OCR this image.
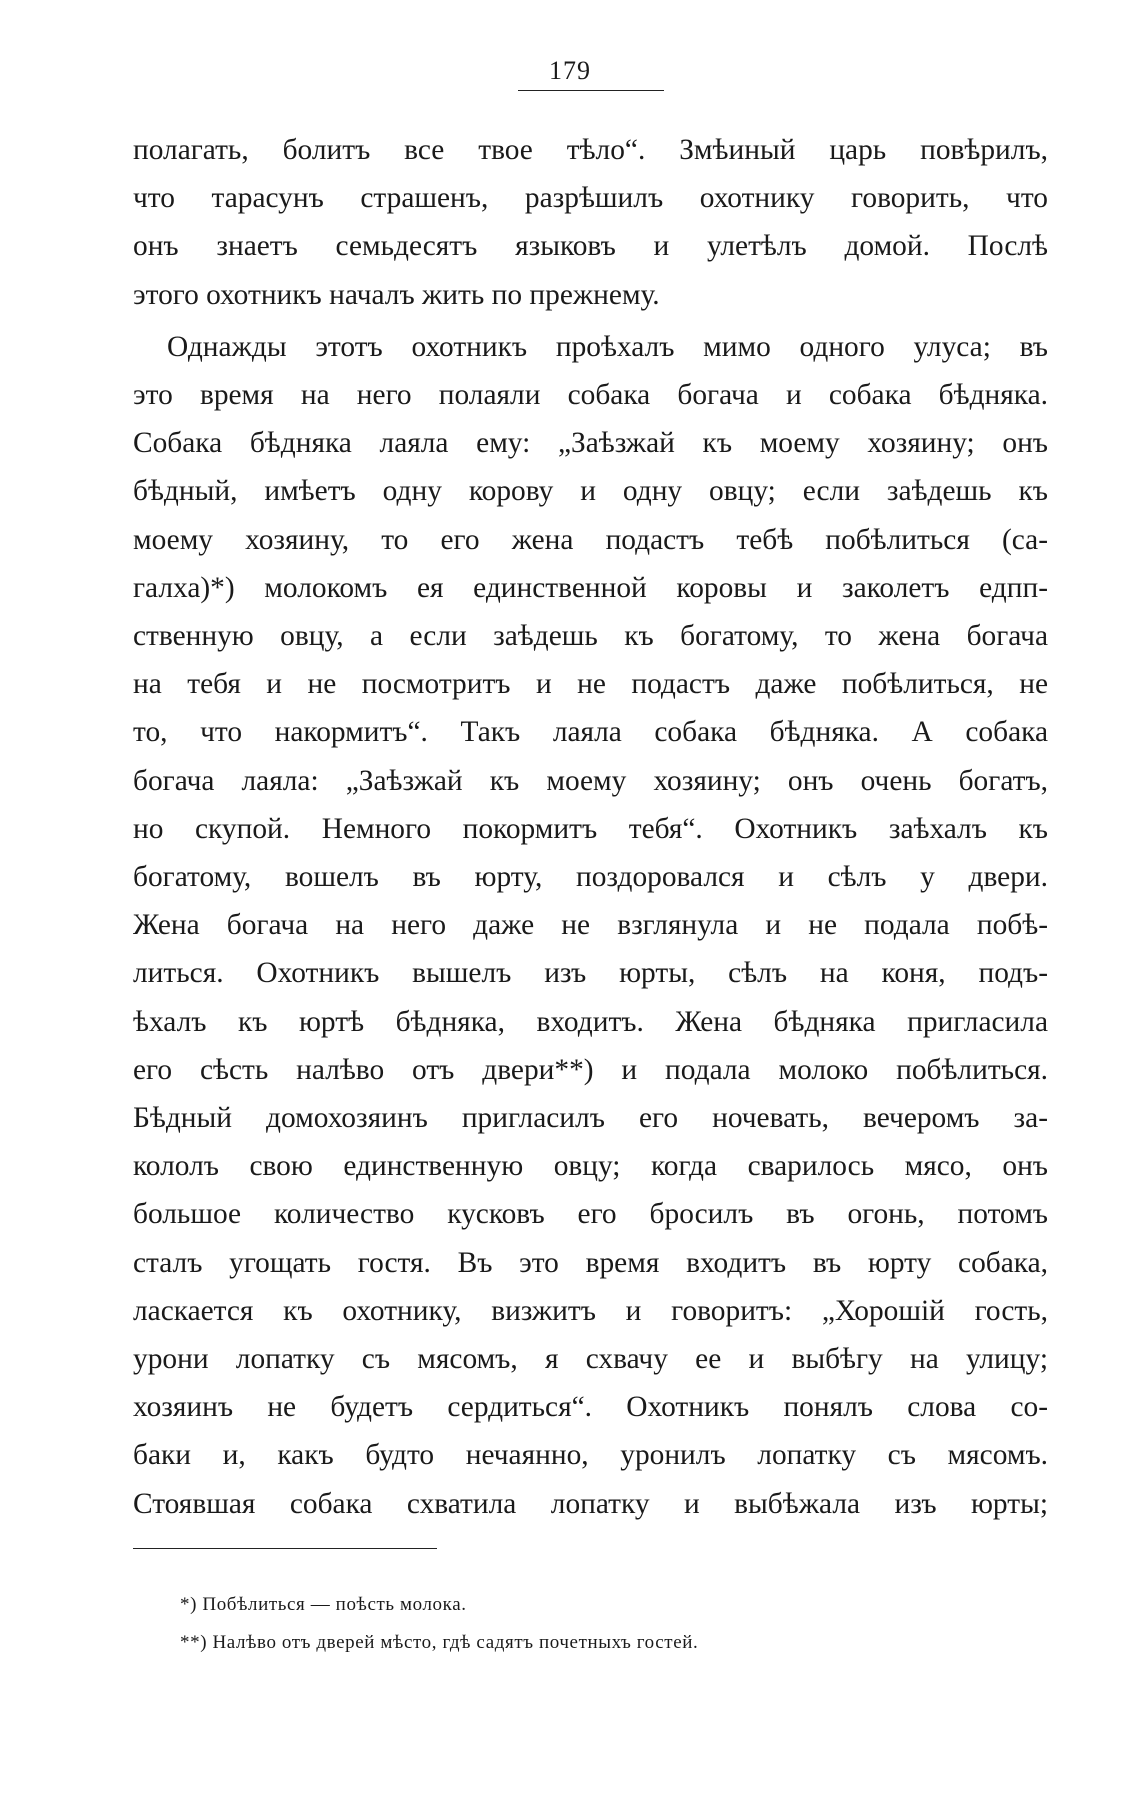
179

полагать, болитъ все твое тѣло“. Змѣиный царь повѣрилъ,
что тарасунъ страшенъ, разрѣшилъ охотнику говорить, что
онъ знаетъ семьдесятъ языковъ и улетѣлъ домой. Послѣ
этого охотникъ началъ жить по прежнему.

Однажды этотъ охотникъ проѣхалъ мимо одного улуса; въ
это время на него полаяли собака богача и собака бѣдняка.
Собака бѣдняка лаяла ему: „Заѣзжай къ моему хозяину; онъ
бѣдный, имѣетъ одну корову и одну овцу; если заѣдешь къ
моему хозяину, то его жена подастъ тебѣ побѣлиться (са-
галха)*) молокомъ ея единственной коровы и заколетъ едпп-
ственную овцу, а если заѣдешь къ богатому, то жена богача
на тебя и не посмотритъ и не подастъ даже побѣлиться, не
то, что накормитъ“. Такъ лаяла собака бѣдняка. А собака
богача лаяла: „Заѣзжай къ моему хозяину; онъ очень богатъ,
но скупой. Немного покормитъ тебя“. Охотникъ заѣхалъ къ
богатому, вошелъ въ юрту, поздоровался и сѣлъ у двери.
Жена богача на него даже не взглянула и не подала побѣ-
литься. Охотникъ вышелъ изъ юрты, сѣлъ на коня, подъ-
ѣхалъ къ юртѣ бѣдняка, входитъ. Жена бѣдняка пригласила
его сѣсть налѣво отъ двери**) и подала молоко побѣлиться.
Бѣдный домохозяинъ пригласилъ его ночевать, вечеромъ за-
кололъ свою единственную овцу; когда сварилось мясо, онъ
большое количество кусковъ его бросилъ въ огонь, потомъ
сталъ угощать гостя. Въ это время входитъ въ юрту собака,
ласкается къ охотнику, визжитъ и говоритъ: „Хорошій гость,
урони лопатку съ мясомъ, я схвачу ее и выбѣгу на улицу;
хозяинъ не будетъ сердиться“. Охотникъ понялъ слова со-
баки и, какъ будто нечаянно, уронилъ лопатку съ мясомъ.
Стоявшая собака схватила лопатку и выбѣжала изъ юрты;

*) Побѣлиться — поѣсть молока.
**) Налѣво отъ дверей мѣсто, гдѣ садятъ почетныхъ гостей.
